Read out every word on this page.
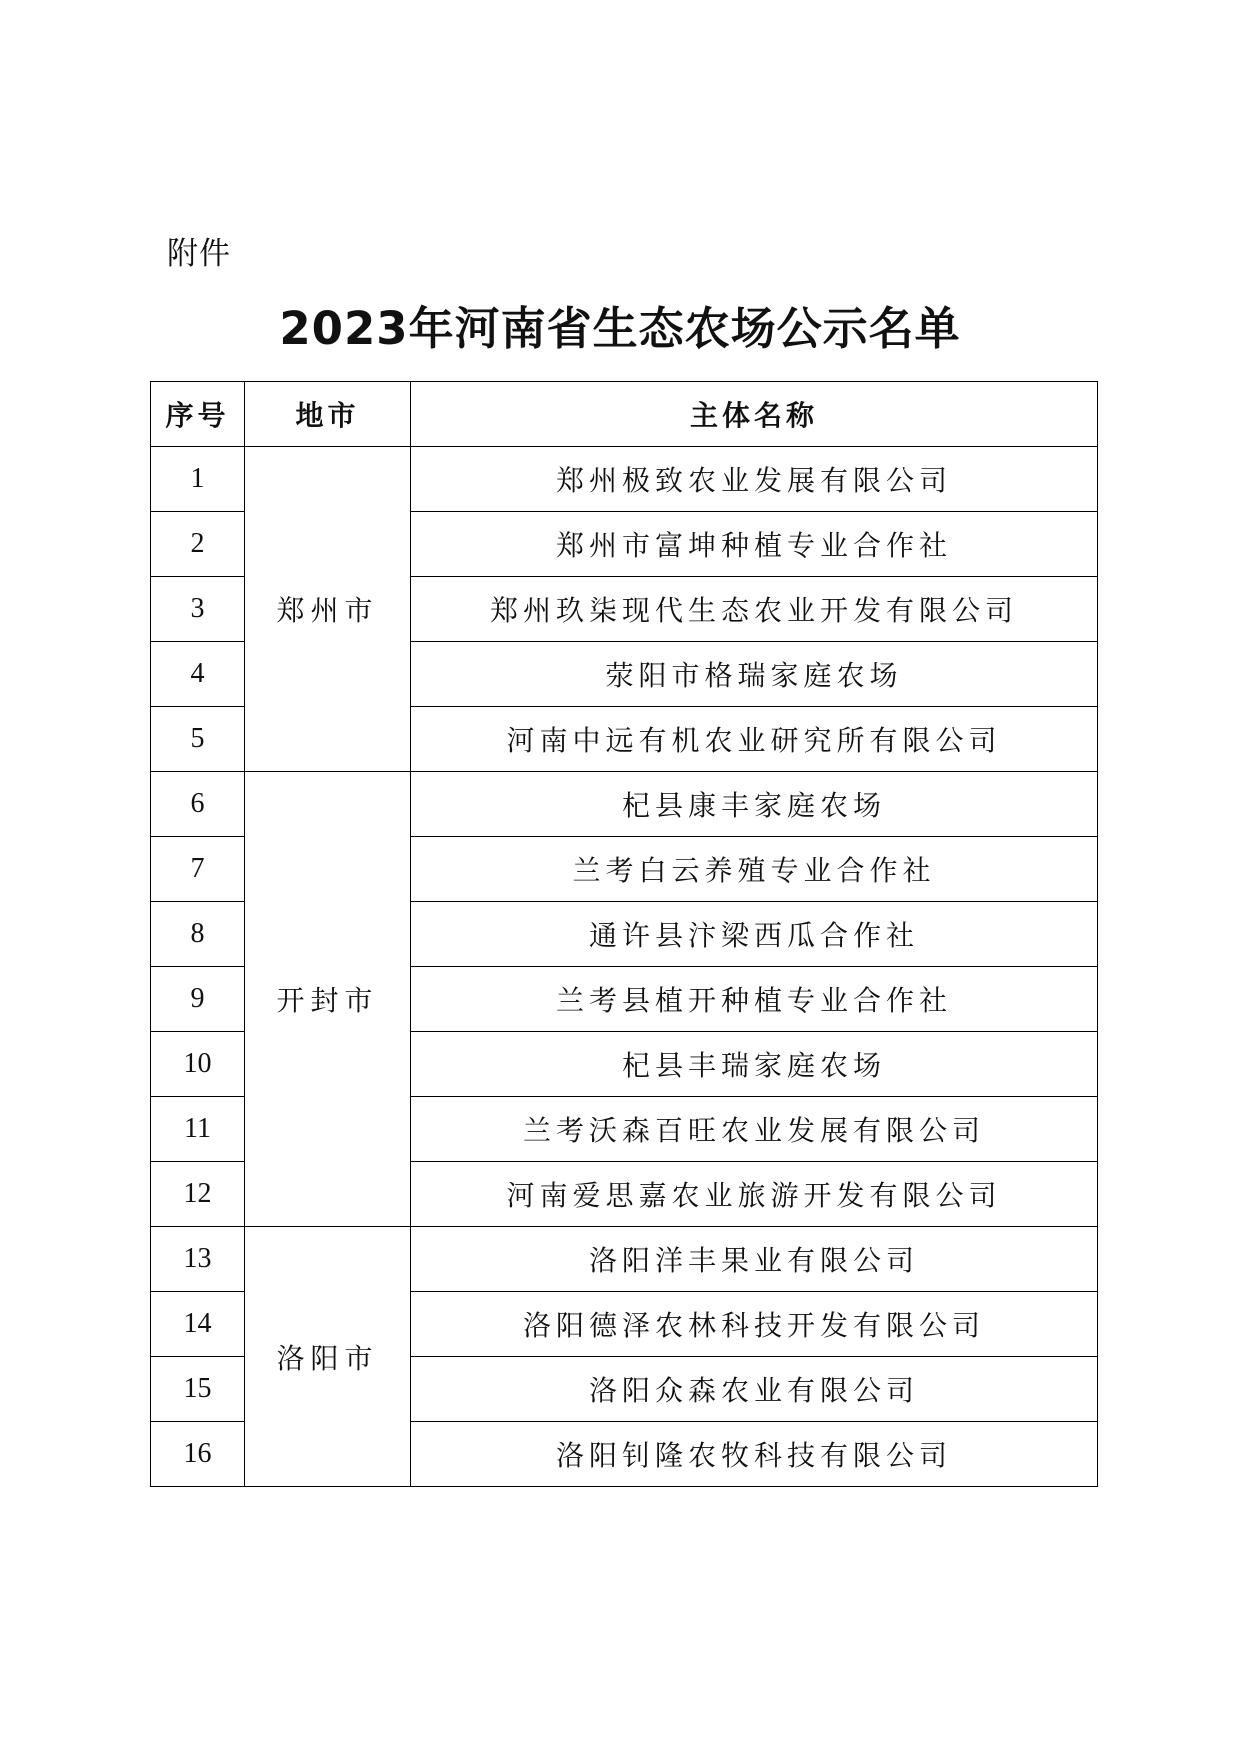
附件
2023年河南省生态农场公示名单
序号	地市	主体名称
1	郑州市	郑州极致农业发展有限公司
2		郑州市富坤种植专业合作社
3		郑州玖柒现代生态农业开发有限公司
4		荥阳市格瑞家庭农场
5		河南中远有机农业研究所有限公司
6	开封市	杞县康丰家庭农场
7		兰考白云养殖专业合作社
8		通许县汴梁西瓜合作社
9		兰考县植开种植专业合作社
10		杞县丰瑞家庭农场
11		兰考沃森百旺农业发展有限公司
12		河南爱思嘉农业旅游开发有限公司
13	洛阳市	洛阳洋丰果业有限公司
14		洛阳德泽农林科技开发有限公司
15		洛阳众森农业有限公司
16		洛阳钊隆农牧科技有限公司
